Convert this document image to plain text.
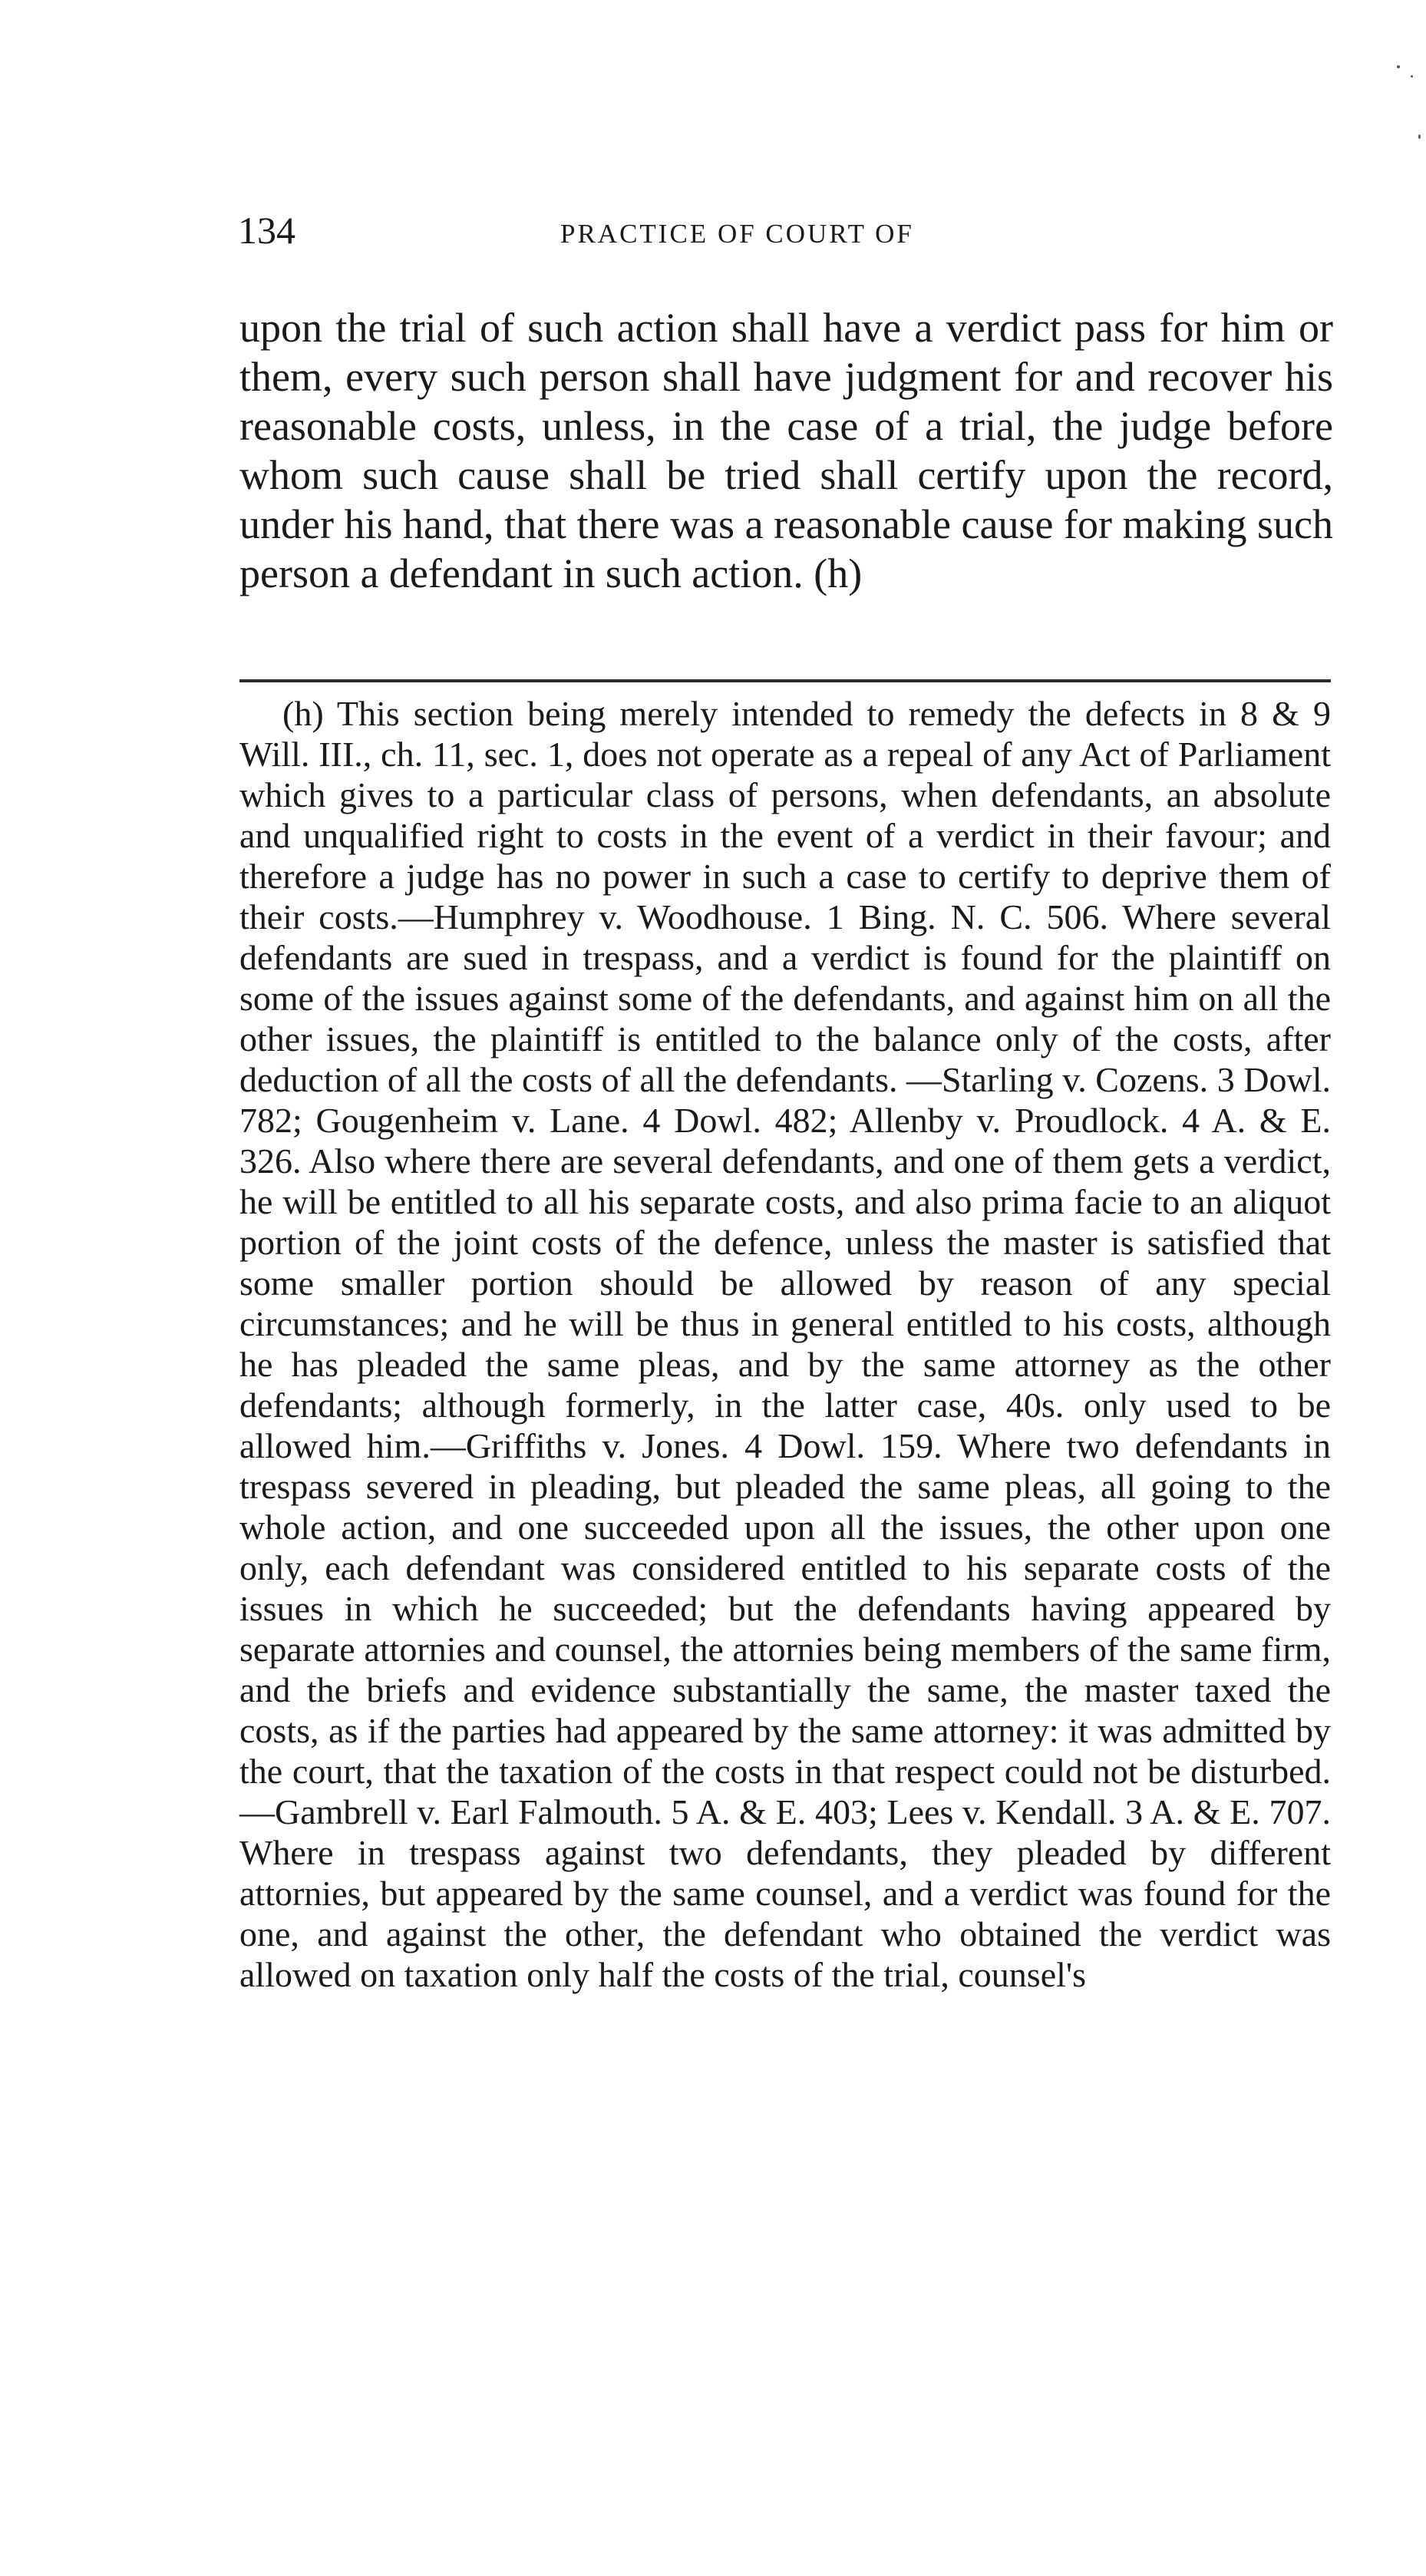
134	PRACTICE OF COURT OF
upon the trial of such action shall have a verdict pass for him or them, every such person shall have judgment for and recover his reasonable costs, unless, in the case of a trial, the judge before whom such cause shall be tried shall certify upon the record, under his hand, that there was a reasonable cause for making such person a defendant in such action. (h)
(h) This section being merely intended to remedy the defects in 8 & 9 Will. III., ch. 11, sec. 1, does not operate as a repeal of any Act of Parliament which gives to a particular class of persons, when defendants, an absolute and unqualified right to costs in the event of a verdict in their favour; and therefore a judge has no power in such a case to certify to deprive them of their costs.—Humphrey v. Woodhouse. 1 Bing. N. C. 506. Where several defendants are sued in trespass, and a verdict is found for the plaintiff on some of the issues against some of the defendants, and against him on all the other issues, the plaintiff is entitled to the balance only of the costs, after deduction of all the costs of all the defendants. —Starling v. Cozens. 3 Dowl. 782; Gougenheim v. Lane. 4 Dowl. 482; Allenby v. Proudlock. 4 A. & E. 326. Also where there are several defendants, and one of them gets a verdict, he will be entitled to all his separate costs, and also prima facie to an aliquot portion of the joint costs of the defence, unless the master is satisfied that some smaller portion should be allowed by reason of any special circumstances; and he will be thus in general entitled to his costs, although he has pleaded the same pleas, and by the same attorney as the other defendants; although formerly, in the latter case, 40s. only used to be allowed him.—Griffiths v. Jones. 4 Dowl. 159. Where two defendants in trespass severed in pleading, but pleaded the same pleas, all going to the whole action, and one succeeded upon all the issues, the other upon one only, each defendant was considered entitled to his separate costs of the issues in which he succeeded; but the defendants having appeared by separate attornies and counsel, the attornies being members of the same firm, and the briefs and evidence substantially the same, the master taxed the costs, as if the parties had appeared by the same attorney: it was admitted by the court, that the taxation of the costs in that respect could not be disturbed.—Gambrell v. Earl Falmouth. 5 A. & E. 403; Lees v. Kendall. 3 A. & E. 707. Where in trespass against two defendants, they pleaded by different attornies, but appeared by the same counsel, and a verdict was found for the one, and against the other, the defendant who obtained the verdict was allowed on taxation only half the costs of the trial, counsel's
